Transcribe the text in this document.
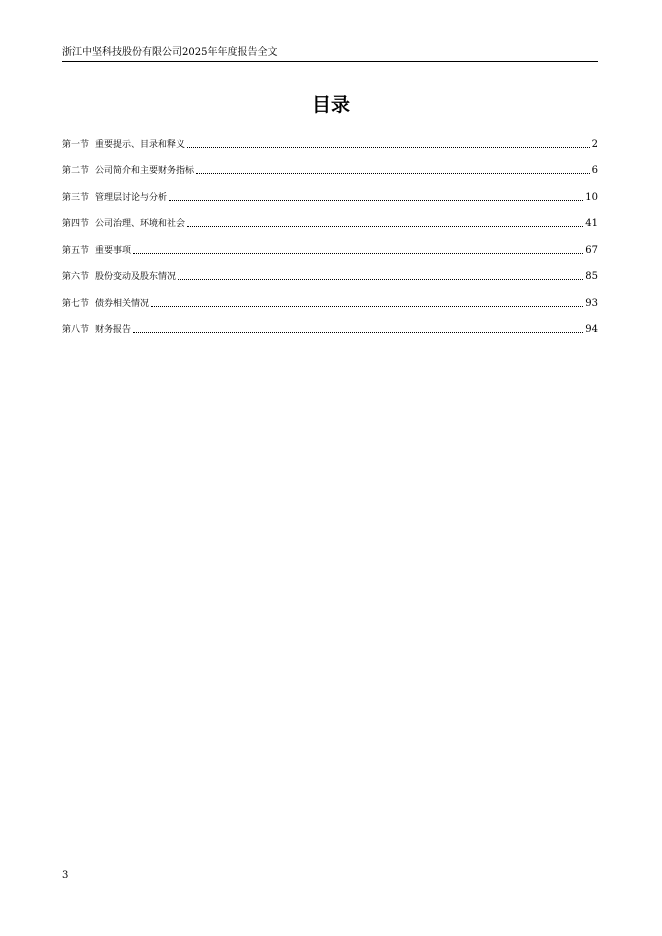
浙江中坚科技股份有限公司2025年年度报告全文
目录
第一节 重要提示、目录和释义	2
第二节 公司简介和主要财务指标	6
第三节 管理层讨论与分析	10
第四节 公司治理、环境和社会	41
第五节 重要事项	67
第六节 股份变动及股东情况	85
第七节 债券相关情况	93
第八节 财务报告	94
3
